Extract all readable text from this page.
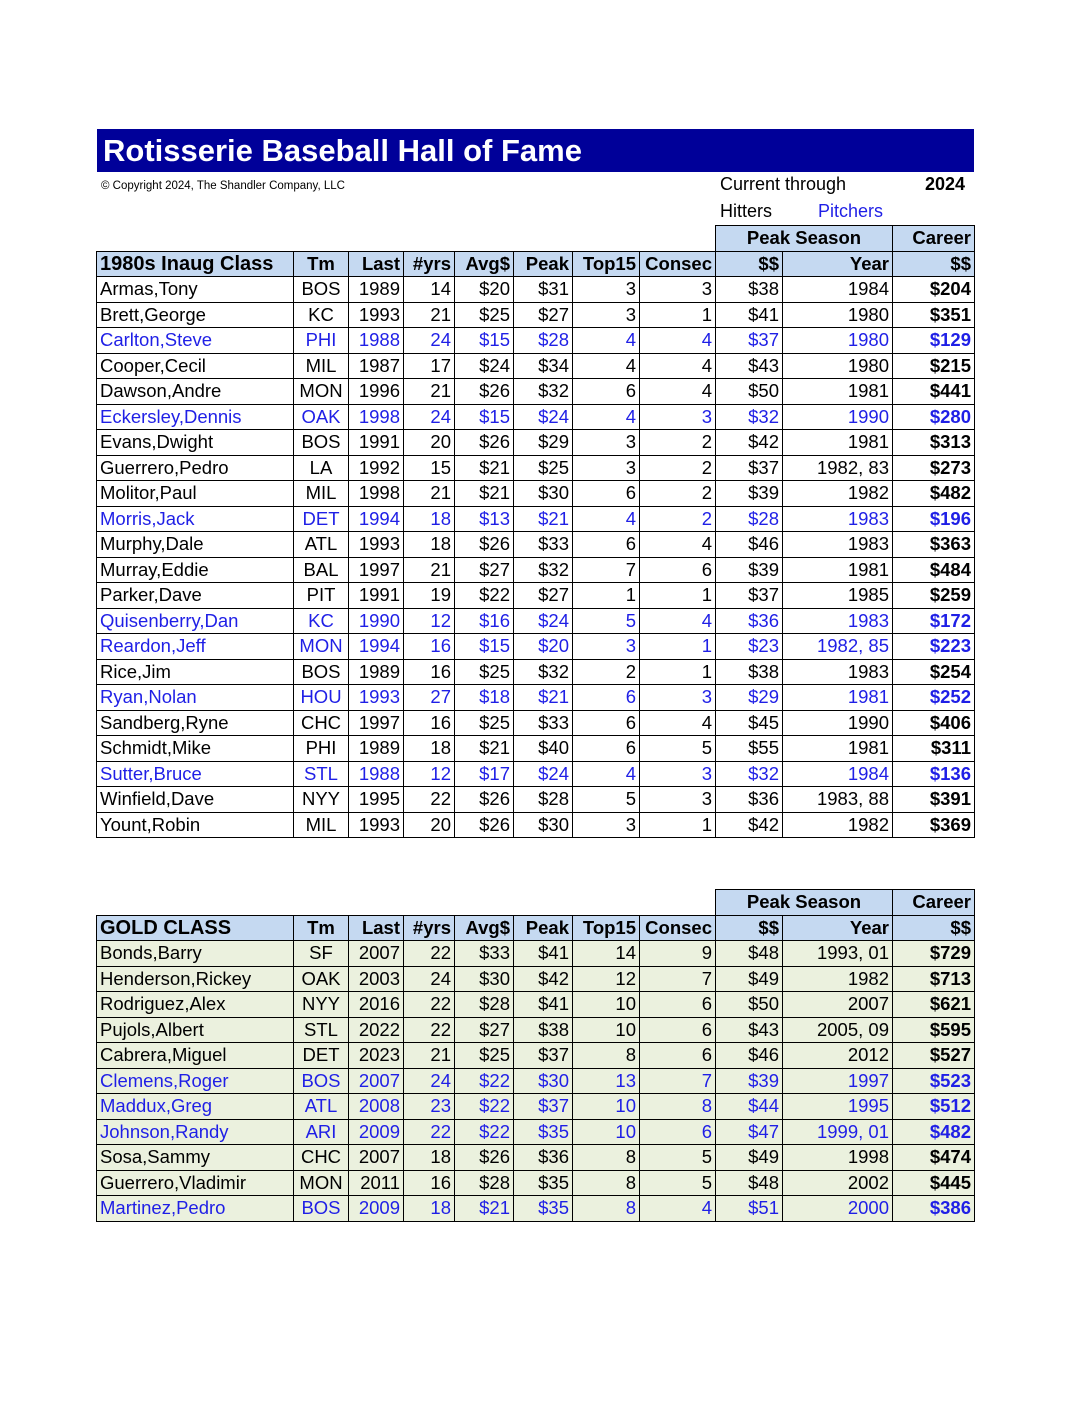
Rotisserie Baseball Hall of Fame
© Copyright 2024, The Shandler Company, LLC	Current through	2024
Hitters	Pitchers
								Peak Season		Career
1980s Inaug Class	Tm	Last	#yrs	Avg$	Peak	Top15	Consec	$$	Year	$$
Armas,Tony	BOS	1989	14	$20	$31	3	3	$38	1984	$204
Brett,George	KC	1993	21	$25	$27	3	1	$41	1980	$351
Carlton,Steve	PHI	1988	24	$15	$28	4	4	$37	1980	$129
Cooper,Cecil	MIL	1987	17	$24	$34	4	4	$43	1980	$215
Dawson,Andre	MON	1996	21	$26	$32	6	4	$50	1981	$441
Eckersley,Dennis	OAK	1998	24	$15	$24	4	3	$32	1990	$280
Evans,Dwight	BOS	1991	20	$26	$29	3	2	$42	1981	$313
Guerrero,Pedro	LA	1992	15	$21	$25	3	2	$37	1982, 83	$273
Molitor,Paul	MIL	1998	21	$21	$30	6	2	$39	1982	$482
Morris,Jack	DET	1994	18	$13	$21	4	2	$28	1983	$196
Murphy,Dale	ATL	1993	18	$26	$33	6	4	$46	1983	$363
Murray,Eddie	BAL	1997	21	$27	$32	7	6	$39	1981	$484
Parker,Dave	PIT	1991	19	$22	$27	1	1	$37	1985	$259
Quisenberry,Dan	KC	1990	12	$16	$24	5	4	$36	1983	$172
Reardon,Jeff	MON	1994	16	$15	$20	3	1	$23	1982, 85	$223
Rice,Jim	BOS	1989	16	$25	$32	2	1	$38	1983	$254
Ryan,Nolan	HOU	1993	27	$18	$21	6	3	$29	1981	$252
Sandberg,Ryne	CHC	1997	16	$25	$33	6	4	$45	1990	$406
Schmidt,Mike	PHI	1989	18	$21	$40	6	5	$55	1981	$311
Sutter,Bruce	STL	1988	12	$17	$24	4	3	$32	1984	$136
Winfield,Dave	NYY	1995	22	$26	$28	5	3	$36	1983, 88	$391
Yount,Robin	MIL	1993	20	$26	$30	3	1	$42	1982	$369
								Peak Season		Career
GOLD CLASS	Tm	Last	#yrs	Avg$	Peak	Top15	Consec	$$	Year	$$
Bonds,Barry	SF	2007	22	$33	$41	14	9	$48	1993, 01	$729
Henderson,Rickey	OAK	2003	24	$30	$42	12	7	$49	1982	$713
Rodriguez,Alex	NYY	2016	22	$28	$41	10	6	$50	2007	$621
Pujols,Albert	STL	2022	22	$27	$38	10	6	$43	2005, 09	$595
Cabrera,Miguel	DET	2023	21	$25	$37	8	6	$46	2012	$527
Clemens,Roger	BOS	2007	24	$22	$30	13	7	$39	1997	$523
Maddux,Greg	ATL	2008	23	$22	$37	10	8	$44	1995	$512
Johnson,Randy	ARI	2009	22	$22	$35	10	6	$47	1999, 01	$482
Sosa,Sammy	CHC	2007	18	$26	$36	8	5	$49	1998	$474
Guerrero,Vladimir	MON	2011	16	$28	$35	8	5	$48	2002	$445
Martinez,Pedro	BOS	2009	18	$21	$35	8	4	$51	2000	$386
